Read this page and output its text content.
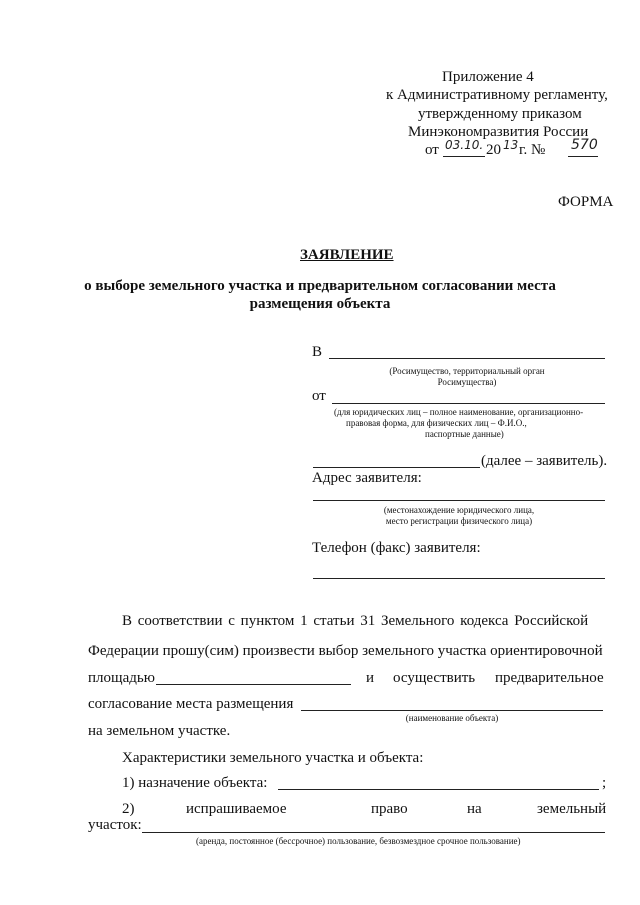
Приложение 4
к Административному регламенту,
утвержденному приказом
Минэкономразвития России
от 03.10. 20 13 г. № 570
ФОРМА
ЗАЯВЛЕНИЕ
о выборе земельного участка и предварительном согласовании места
размещения объекта
В
(Росимущество, территориальный орган
Росимущества)
от
(для юридических лиц – полное наименование, организационно-
правовая форма, для физических лиц – Ф.И.О.,
паспортные данные)
(далее – заявитель).
Адрес заявителя:
(местонахождение юридического лица,
место регистрации физического лица)
Телефон (факс) заявителя:
В соответствии с пунктом 1 статьи 31 Земельного кодекса Российской
Федерации прошу(сим) произвести выбор земельного участка ориентировочной
площадью	и осуществить предварительное
согласование места размещения
(наименование объекта)
на земельном участке.
Характеристики земельного участка и объекта:
1) назначение объекта:	;
2)	испрашиваемое	право	на	земельный
участок:
(аренда, постоянное (бессрочное) пользование, безвозмездное срочное пользование)
